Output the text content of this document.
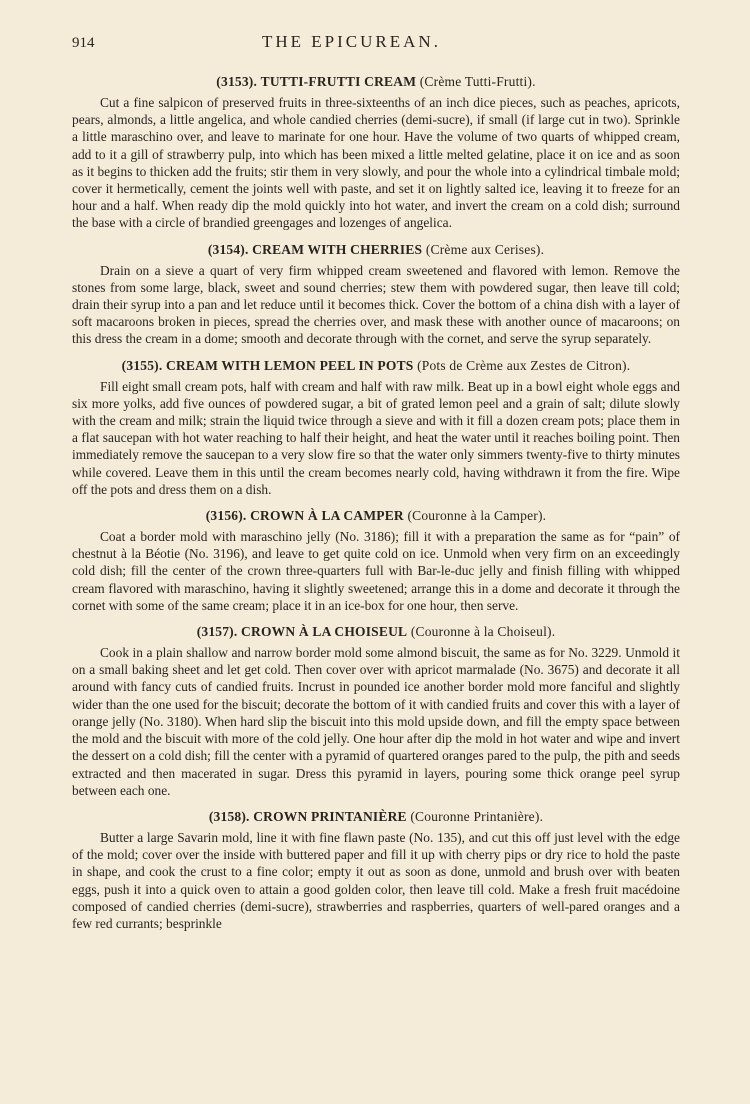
914	THE EPICUREAN.

(3153). TUTTI-FRUTTI CREAM (Crème Tutti-Frutti).

Cut a fine salpicon of preserved fruits in three-sixteenths of an inch dice pieces, such as peaches, apricots, pears, almonds, a little angelica, and whole candied cherries (demi-sucre), if small (if large cut in two). Sprinkle a little maraschino over, and leave to marinate for one hour. Have the volume of two quarts of whipped cream, add to it a gill of strawberry pulp, into which has been mixed a little melted gelatine, place it on ice and as soon as it begins to thicken add the fruits; stir them in very slowly, and pour the whole into a cylindrical timbale mold; cover it hermetically, cement the joints well with paste, and set it on lightly salted ice, leaving it to freeze for an hour and a half. When ready dip the mold quickly into hot water, and invert the cream on a cold dish; surround the base with a circle of brandied greengages and lozenges of angelica.

(3154). CREAM WITH CHERRIES (Crème aux Cerises).

Drain on a sieve a quart of very firm whipped cream sweetened and flavored with lemon. Remove the stones from some large, black, sweet and sound cherries; stew them with powdered sugar, then leave till cold; drain their syrup into a pan and let reduce until it becomes thick. Cover the bottom of a china dish with a layer of soft macaroons broken in pieces, spread the cherries over, and mask these with another ounce of macaroons; on this dress the cream in a dome; smooth and decorate through with the cornet, and serve the syrup separately.

(3155). CREAM WITH LEMON PEEL IN POTS (Pots de Crème aux Zestes de Citron).

Fill eight small cream pots, half with cream and half with raw milk. Beat up in a bowl eight whole eggs and six more yolks, add five ounces of powdered sugar, a bit of grated lemon peel and a grain of salt; dilute slowly with the cream and milk; strain the liquid twice through a sieve and with it fill a dozen cream pots; place them in a flat saucepan with hot water reaching to half their height, and heat the water until it reaches boiling point. Then immediately remove the saucepan to a very slow fire so that the water only simmers twenty-five to thirty minutes while covered. Leave them in this until the cream becomes nearly cold, having withdrawn it from the fire. Wipe off the pots and dress them on a dish.

(3156). CROWN À LA CAMPER (Couronne à la Camper).

Coat a border mold with maraschino jelly (No. 3186); fill it with a preparation the same as for “pain” of chestnut à la Béotie (No. 3196), and leave to get quite cold on ice. Unmold when very firm on an exceedingly cold dish; fill the center of the crown three-quarters full with Bar-le-duc jelly and finish filling with whipped cream flavored with maraschino, having it slightly sweetened; arrange this in a dome and decorate it through the cornet with some of the same cream; place it in an ice-box for one hour, then serve.

(3157). CROWN À LA CHOISEUL (Couronne à la Choiseul).

Cook in a plain shallow and narrow border mold some almond biscuit, the same as for No. 3229. Unmold it on a small baking sheet and let get cold. Then cover over with apricot marmalade (No. 3675) and decorate it all around with fancy cuts of candied fruits. Incrust in pounded ice another border mold more fanciful and slightly wider than the one used for the biscuit; decorate the bottom of it with candied fruits and cover this with a layer of orange jelly (No. 3180). When hard slip the biscuit into this mold upside down, and fill the empty space between the mold and the biscuit with more of the cold jelly. One hour after dip the mold in hot water and wipe and invert the dessert on a cold dish; fill the center with a pyramid of quartered oranges pared to the pulp, the pith and seeds extracted and then macerated in sugar. Dress this pyramid in layers, pouring some thick orange peel syrup between each one.

(3158). CROWN PRINTANIÈRE (Couronne Printanière).

Butter a large Savarin mold, line it with fine flawn paste (No. 135), and cut this off just level with the edge of the mold; cover over the inside with buttered paper and fill it up with cherry pips or dry rice to hold the paste in shape, and cook the crust to a fine color; empty it out as soon as done, unmold and brush over with beaten eggs, push it into a quick oven to attain a good golden color, then leave till cold. Make a fresh fruit macédoine composed of candied cherries (demi-sucre), strawberries and raspberries, quarters of well-pared oranges and a few red currants; besprinkle
